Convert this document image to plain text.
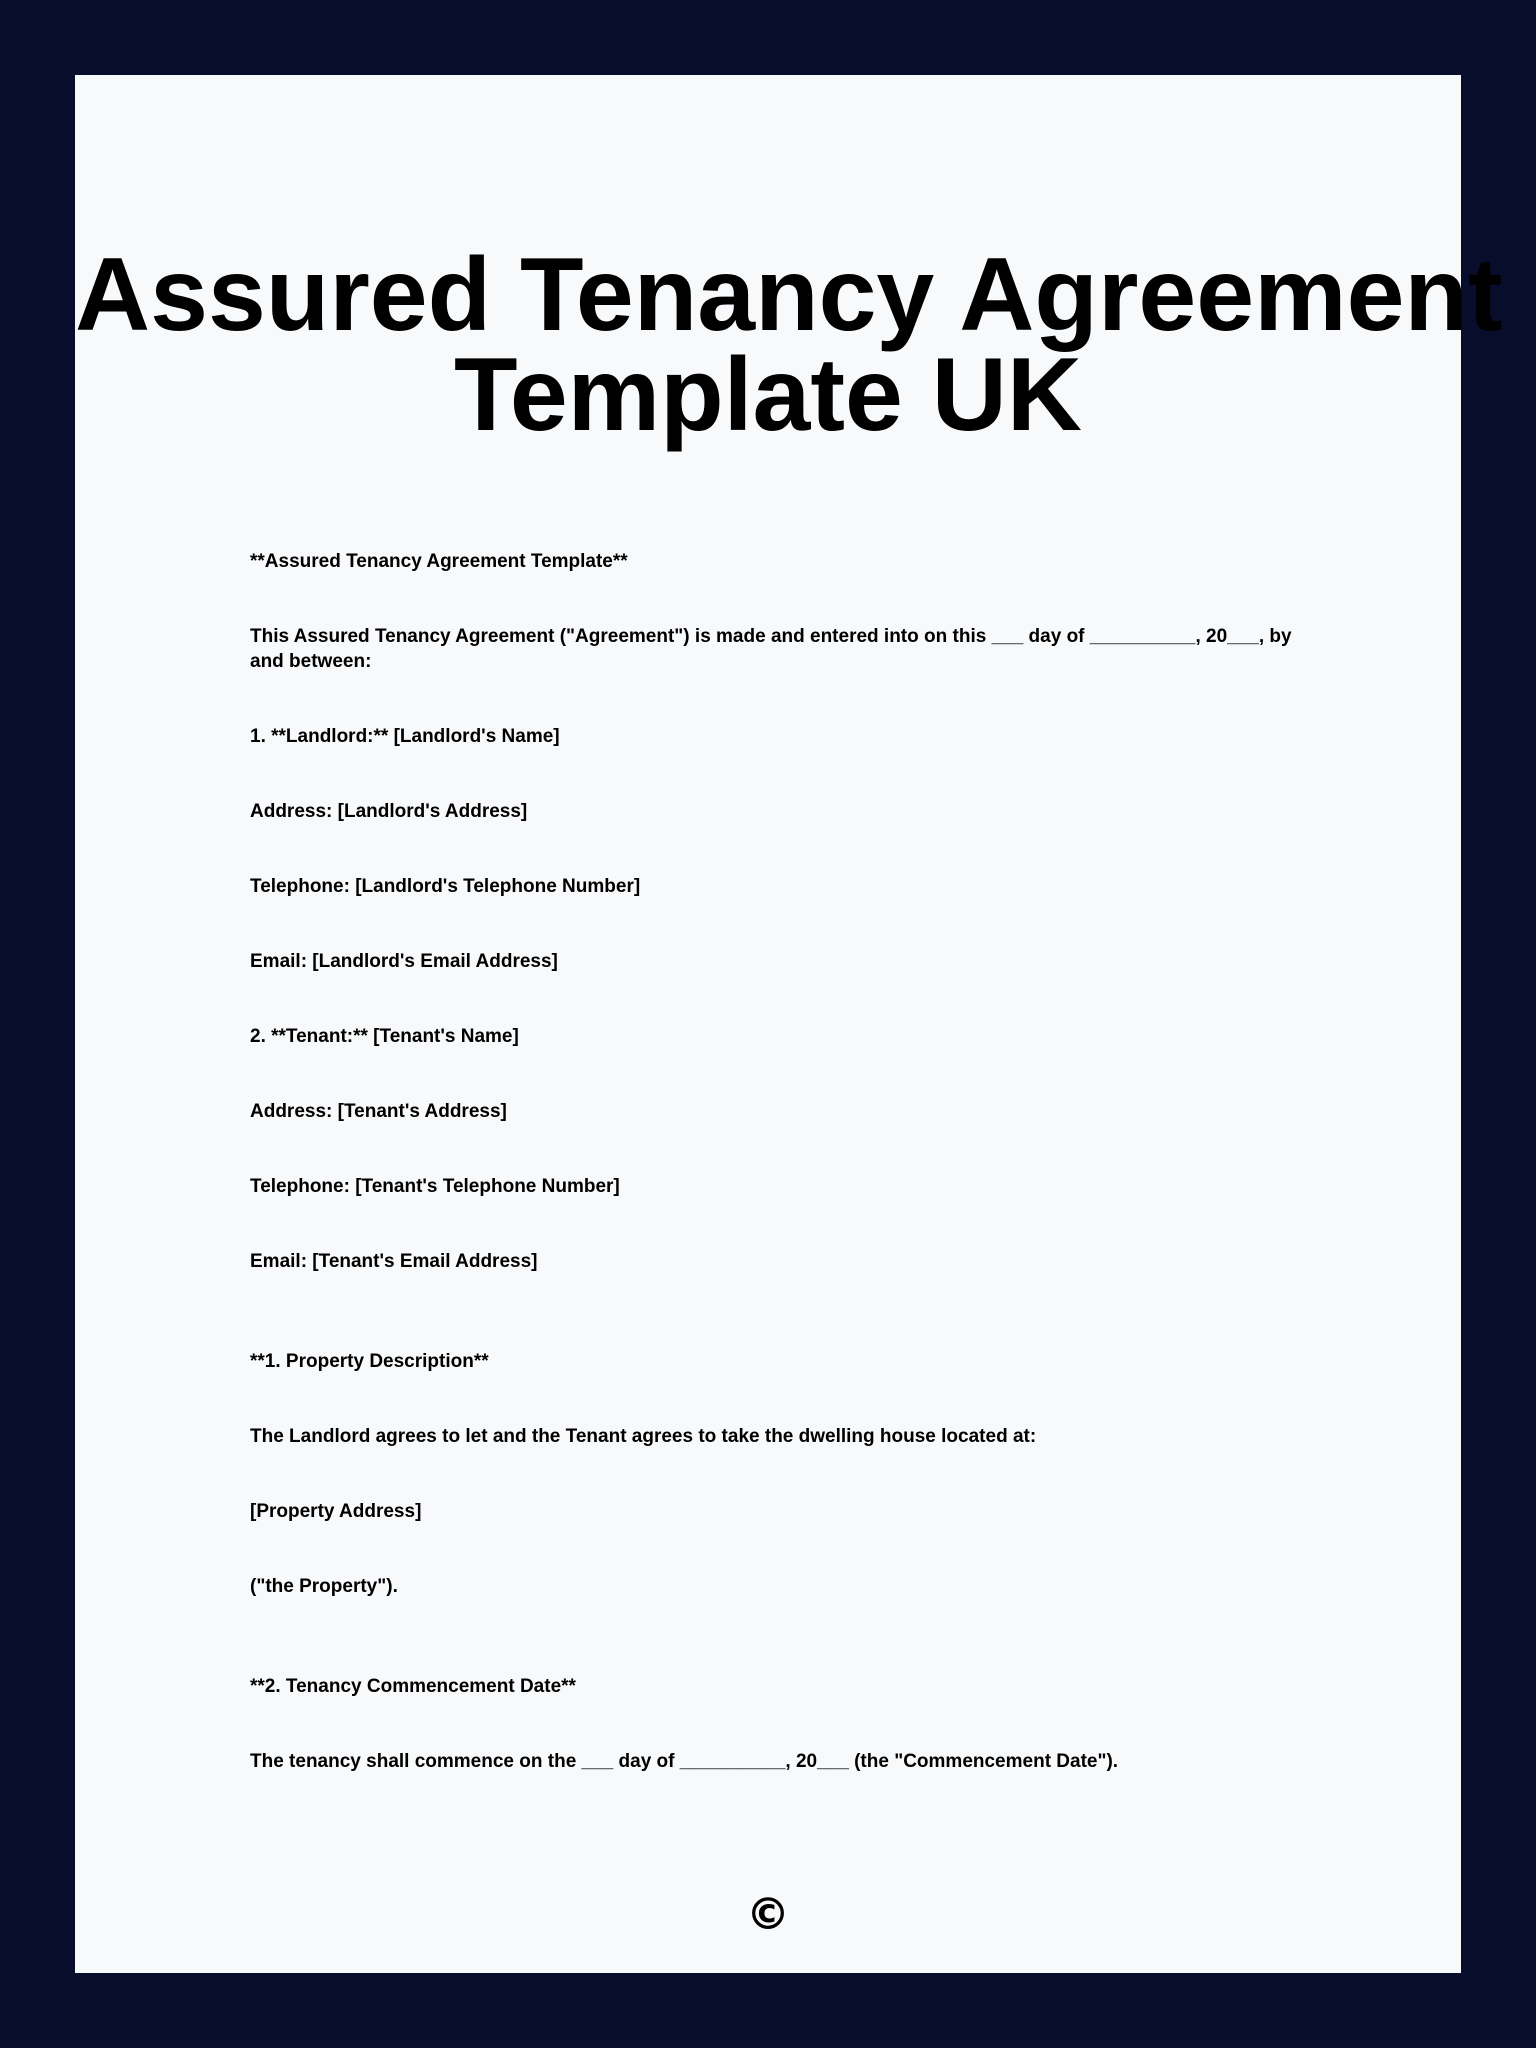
Assured Tenancy Agreement
Template UK

**Assured Tenancy Agreement Template**

This Assured Tenancy Agreement ("Agreement") is made and entered into on this ___ day of __________, 20___, by and between:

1. **Landlord:** [Landlord's Name]

Address: [Landlord's Address]

Telephone: [Landlord's Telephone Number]

Email: [Landlord's Email Address]

2. **Tenant:** [Tenant's Name]

Address: [Tenant's Address]

Telephone: [Tenant's Telephone Number]

Email: [Tenant's Email Address]

**1. Property Description**

The Landlord agrees to let and the Tenant agrees to take the dwelling house located at:

[Property Address]

("the Property").

**2. Tenancy Commencement Date**

The tenancy shall commence on the ___ day of __________, 20___ (the "Commencement Date").

©
